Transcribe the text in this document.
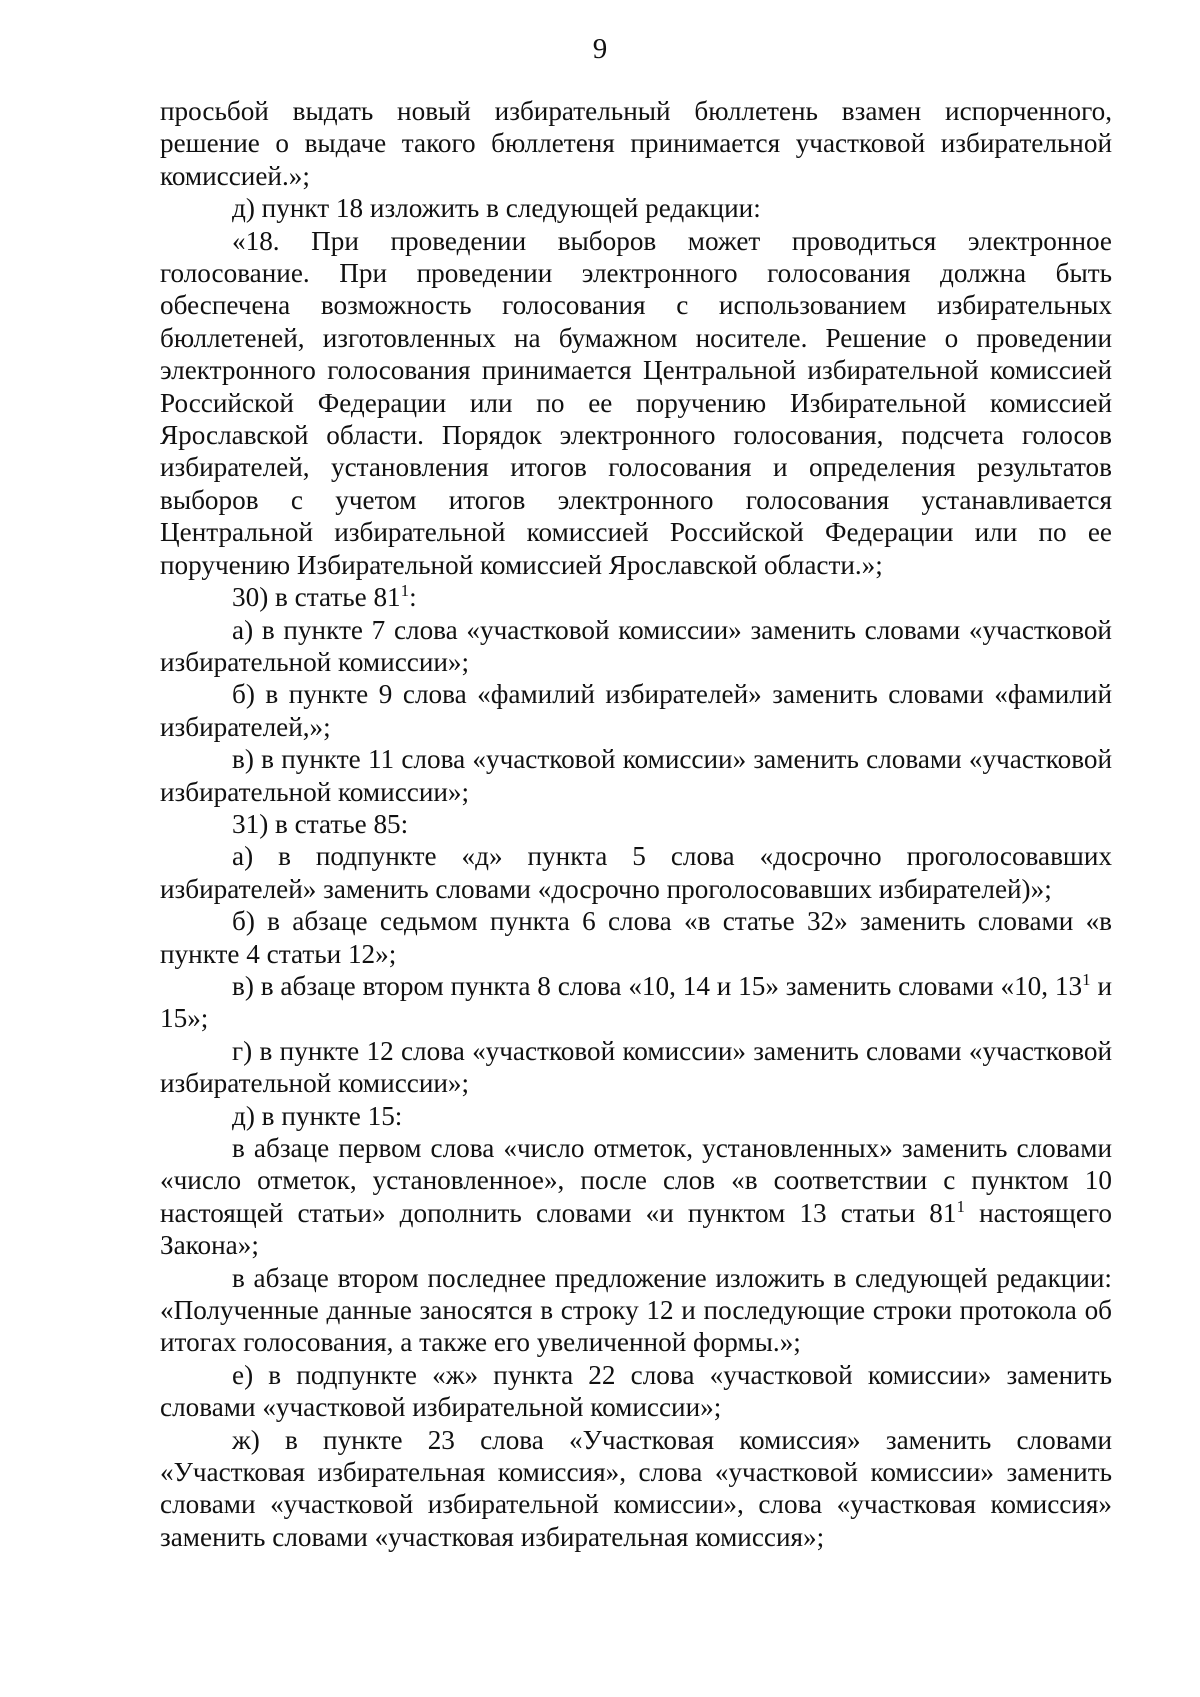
9

просьбой выдать новый избирательный бюллетень взамен испорченного, решение о выдаче такого бюллетеня принимается участковой избирательной комиссией.»;

д) пункт 18 изложить в следующей редакции:

«18. При проведении выборов может проводиться электронное голосование. При проведении электронного голосования должна быть обеспечена возможность голосования с использованием избирательных бюллетеней, изготовленных на бумажном носителе. Решение о проведении электронного голосования принимается Центральной избирательной комиссией Российской Федерации или по ее поручению Избирательной комиссией Ярославской области. Порядок электронного голосования, подсчета голосов избирателей, установления итогов голосования и определения результатов выборов с учетом итогов электронного голосования устанавливается Центральной избирательной комиссией Российской Федерации или по ее поручению Избирательной комиссией Ярославской области.»;

30) в статье $81^1$:

а) в пункте 7 слова «участковой комиссии» заменить словами «участковой избирательной комиссии»;

б) в пункте 9 слова «фамилий избирателей» заменить словами «фамилий избирателей,»;

в) в пункте 11 слова «участковой комиссии» заменить словами «участковой избирательной комиссии»;

31) в статье 85:

а) в подпункте «д» пункта 5 слова «досрочно проголосовавших избирателей» заменить словами «досрочно проголосовавших избирателей)»;

б) в абзаце седьмом пункта 6 слова «в статье 32» заменить словами «в пункте 4 статьи 12»;

в) в абзаце втором пункта 8 слова «10, 14 и 15» заменить словами «10, $13^1$ и 15»;

г) в пункте 12 слова «участковой комиссии» заменить словами «участковой избирательной комиссии»;

д) в пункте 15:

в абзаце первом слова «число отметок, установленных» заменить словами «число отметок, установленное», после слов «в соответствии с пунктом 10 настоящей статьи» дополнить словами «и пунктом 13 статьи $81^1$ настоящего Закона»;

в абзаце втором последнее предложение изложить в следующей редакции: «Полученные данные заносятся в строку 12 и последующие строки протокола об итогах голосования, а также его увеличенной формы.»;

е) в подпункте «ж» пункта 22 слова «участковой комиссии» заменить словами «участковой избирательной комиссии»;

ж) в пункте 23 слова «Участковая комиссия» заменить словами «Участковая избирательная комиссия», слова «участковой комиссии» заменить словами «участковой избирательной комиссии», слова «участковая комиссия» заменить словами «участковая избирательная комиссия»;
